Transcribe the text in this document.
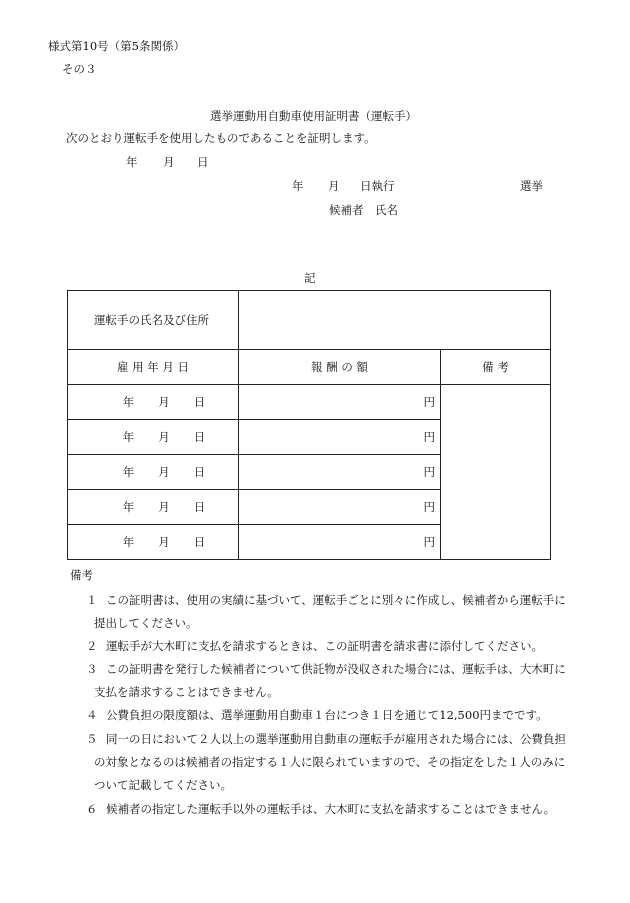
様式第10号（第5条関係）
その３
選挙運動用自動車使用証明書（運転手）
次のとおり運転手を使用したものであることを証明します。
年 月 日
年 月 日執行	選挙
候補者　氏名
記
運転手の氏名及び住所		
雇 用 年 月 日	報 酬 の 額	備 考
年 月 日	円	
年 月 日	円	
年 月 日	円	
年 月 日	円	
年 月 日	円	
備考
１ この証明書は、使用の実績に基づいて、運転手ごとに別々に作成し、候補者から運転手に
提出してください。
２ 運転手が大木町に支払を請求するときは、この証明書を請求書に添付してください。
３ この証明書を発行した候補者について供託物が没収された場合には、運転手は、大木町に
支払を請求することはできません。
４ 公費負担の限度額は、選挙運動用自動車１台につき１日を通じて12,500円までです。
５ 同一の日において２人以上の選挙運動用自動車の運転手が雇用された場合には、公費負担
の対象となるのは候補者の指定する１人に限られていますので、その指定をした１人のみに
ついて記載してください。
６ 候補者の指定した運転手以外の運転手は、大木町に支払を請求することはできません。
